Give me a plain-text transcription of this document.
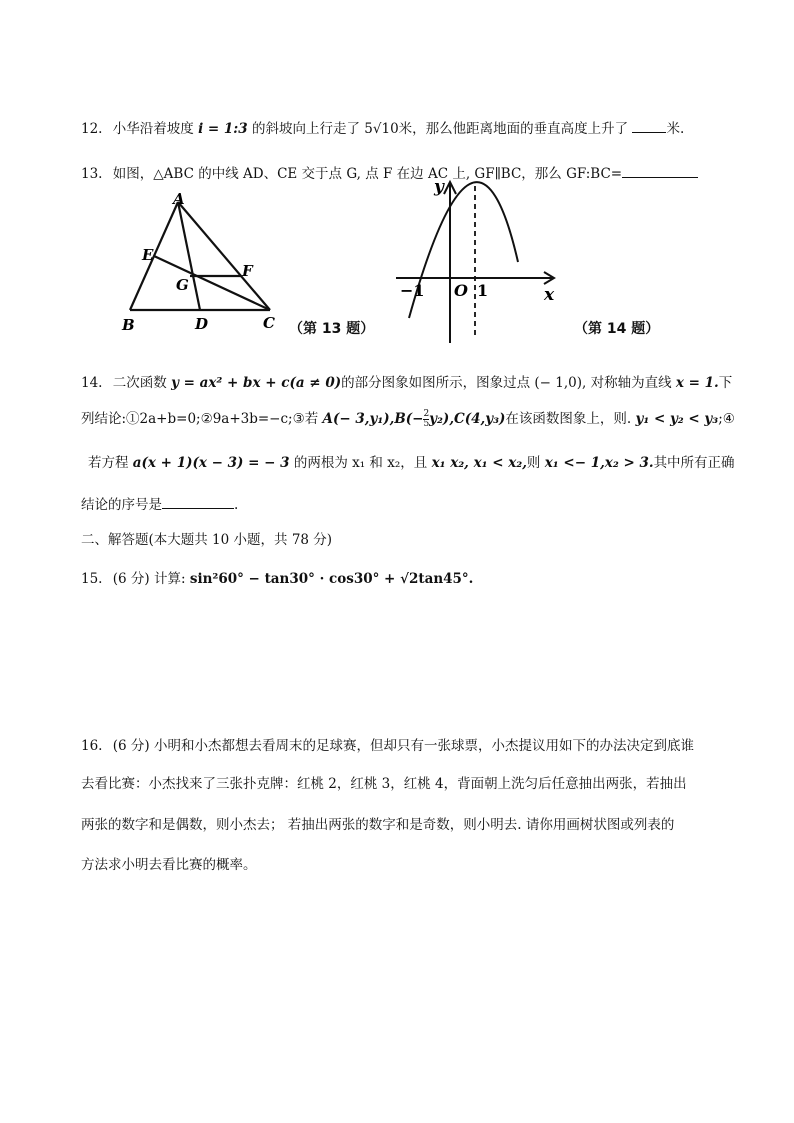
12. 小华沿着坡度 i = 1:3 的斜坡向上行走了 5√10米，那么他距离地面的垂直高度上升了	米.
13. 如图，△ABC 的中线 AD、CE 交于点 G, 点 F 在边 AC 上, GF∥BC，那么 GF:BC=
A
B	C
D
E
F
G
（第 13 题）
y
x
−1 O 1
（第 14 题）
14. 二次函数 y = ax² + bx + c(a ≠ 0)的部分图象如图所示，图象过点 (− 1,0), 对称轴为直线 x = 1.下
列结论:①2a+b=0;②9a+3b=−c;③若 $A(- 3,y_1),B(- \frac{2}{5} y_2),C(4,y_3)$在该函数图象上，则. y₁ < y₂ < y₃;④
若方程 a(x + 1)(x − 3) = − 3 的两根为 x₁ 和 x₂，且 x₁ x₂, x₁ < x₂,则 x₁ <− 1,x₂ > 3.其中所有正确
结论的序号是	.
二、解答题(本大题共 10 小题，共 78 分)
15. (6 分) 计算: sin²60° − tan30° · cos30° + √2tan45°.
16. (6 分) 小明和小杰都想去看周末的足球赛，但却只有一张球票，小杰提议用如下的办法决定到底谁
去看比赛：小杰找来了三张扑克牌：红桃 2，红桃 3，红桃 4，背面朝上洗匀后任意抽出两张，若抽出
两张的数字和是偶数，则小杰去； 若抽出两张的数字和是奇数，则小明去. 请你用画树状图或列表的
方法求小明去看比赛的概率。
